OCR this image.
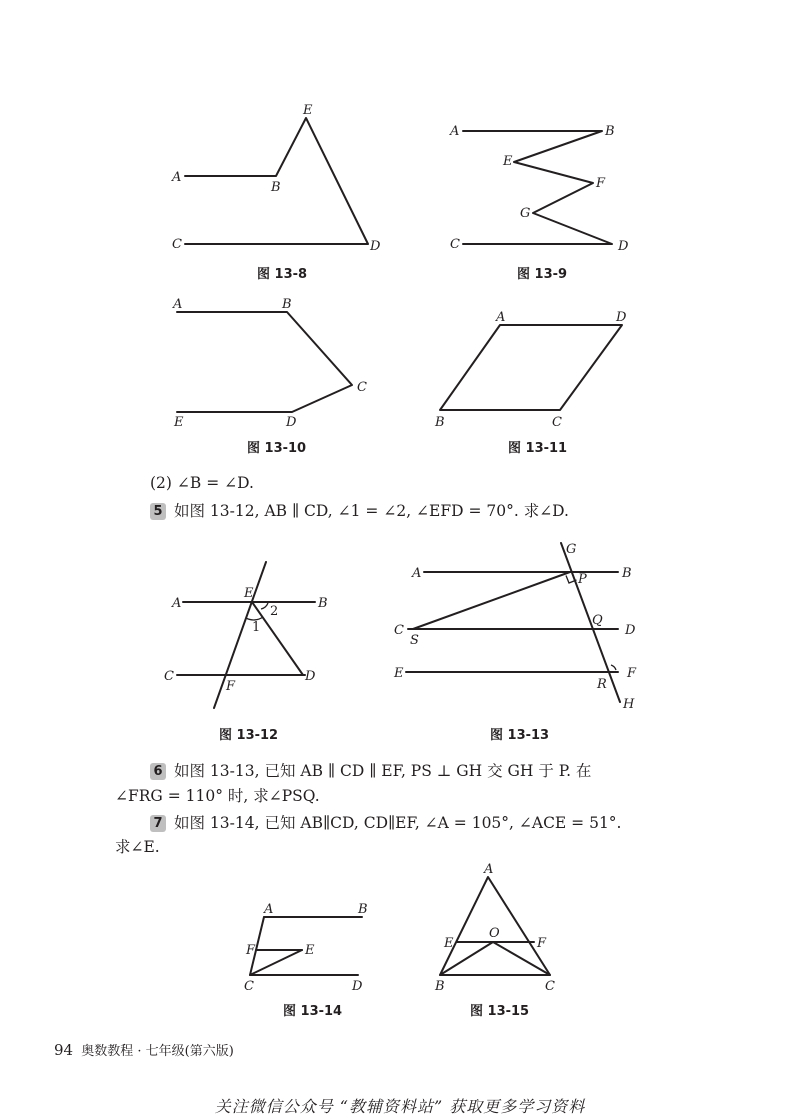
A
B
E
C	D
A	B
E
F
G
C	D
A	B
C
D
E
A	D
B	C
A	B
E
2
1
C	D
F
A	B
G
P
C
S
Q
D
E	F
R
H
A	B
F	E
C	D
A
E
O
F
B	C
图 13-8	图 13-9
图 13-10	图 13-11
图 13-12	图 13-13
图 13-14	图 13-15
(2) ∠B = ∠D.
5 如图 13-12, AB ∥ CD, ∠1 = ∠2, ∠EFD = 70°. 求∠D.
6 如图 13-13, 已知 AB ∥ CD ∥ EF, PS ⊥ GH 交 GH 于 P. 在
∠FRG = 110° 时, 求∠PSQ.
7 如图 13-14, 已知 AB∥CD, CD∥EF, ∠A = 105°, ∠ACE = 51°.
求∠E.
94 奥数教程 · 七年级(第六版)
关注微信公众号 “教辅资料站” 获取更多学习资料
